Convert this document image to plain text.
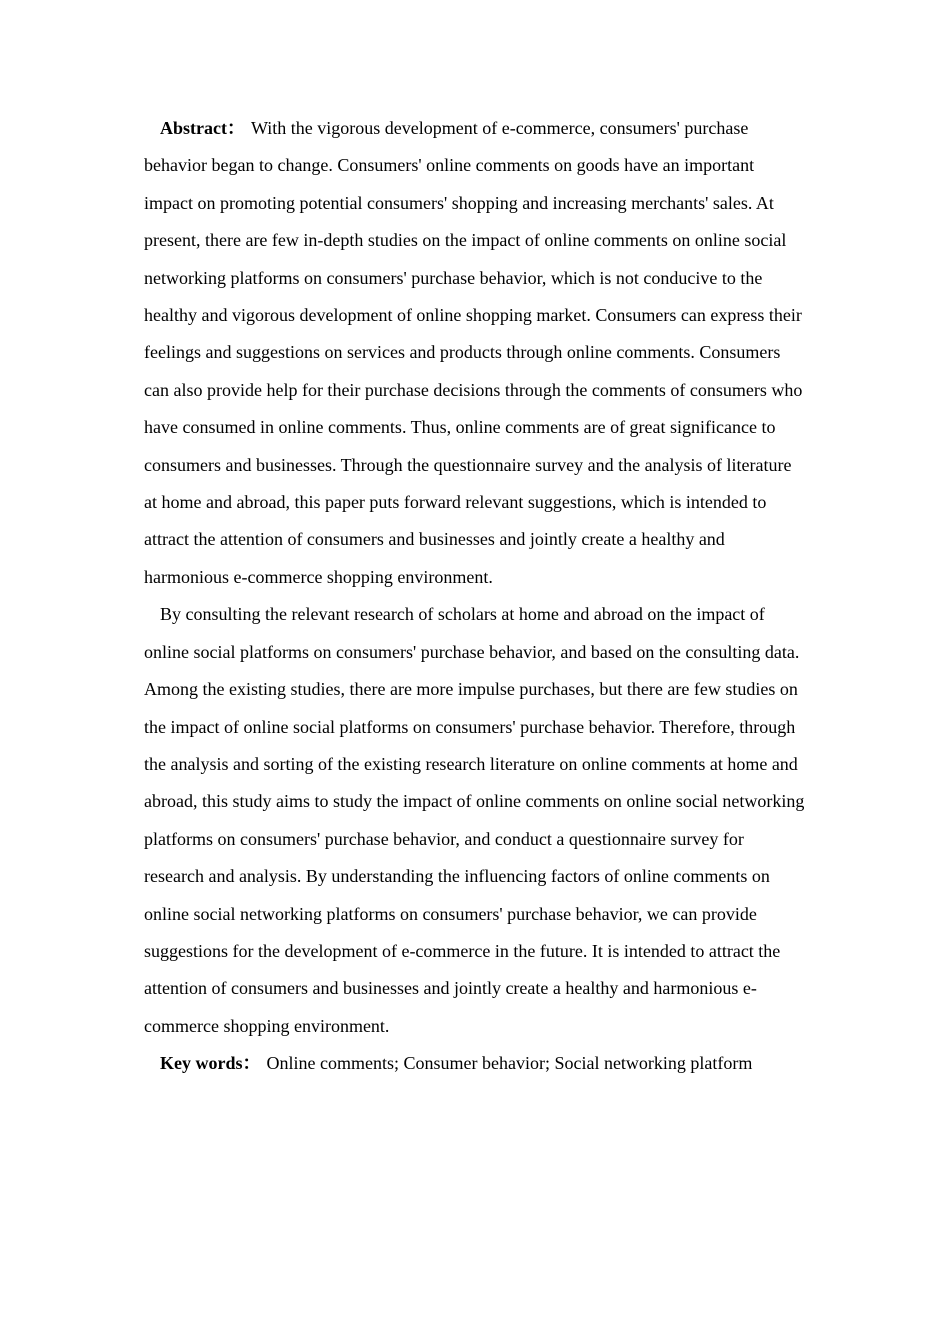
Abstract： With the vigorous development of e-commerce, consumers' purchase behavior began to change. Consumers' online comments on goods have an important impact on promoting potential consumers' shopping and increasing merchants' sales. At present, there are few in-depth studies on the impact of online comments on online social networking platforms on consumers' purchase behavior, which is not conducive to the healthy and vigorous development of online shopping market. Consumers can express their feelings and suggestions on services and products through online comments. Consumers can also provide help for their purchase decisions through the comments of consumers who have consumed in online comments. Thus, online comments are of great significance to consumers and businesses. Through the questionnaire survey and the analysis of literature at home and abroad, this paper puts forward relevant suggestions, which is intended to attract the attention of consumers and businesses and jointly create a healthy and harmonious e-commerce shopping environment.

By consulting the relevant research of scholars at home and abroad on the impact of online social platforms on consumers' purchase behavior, and based on the consulting data. Among the existing studies, there are more impulse purchases, but there are few studies on the impact of online social platforms on consumers' purchase behavior. Therefore, through the analysis and sorting of the existing research literature on online comments at home and abroad, this study aims to study the impact of online comments on online social networking platforms on consumers' purchase behavior, and conduct a questionnaire survey for research and analysis. By understanding the influencing factors of online comments on online social networking platforms on consumers' purchase behavior, we can provide suggestions for the development of e-commerce in the future. It is intended to attract the attention of consumers and businesses and jointly create a healthy and harmonious e-commerce shopping environment.

Key words： Online comments; Consumer behavior; Social networking platform
